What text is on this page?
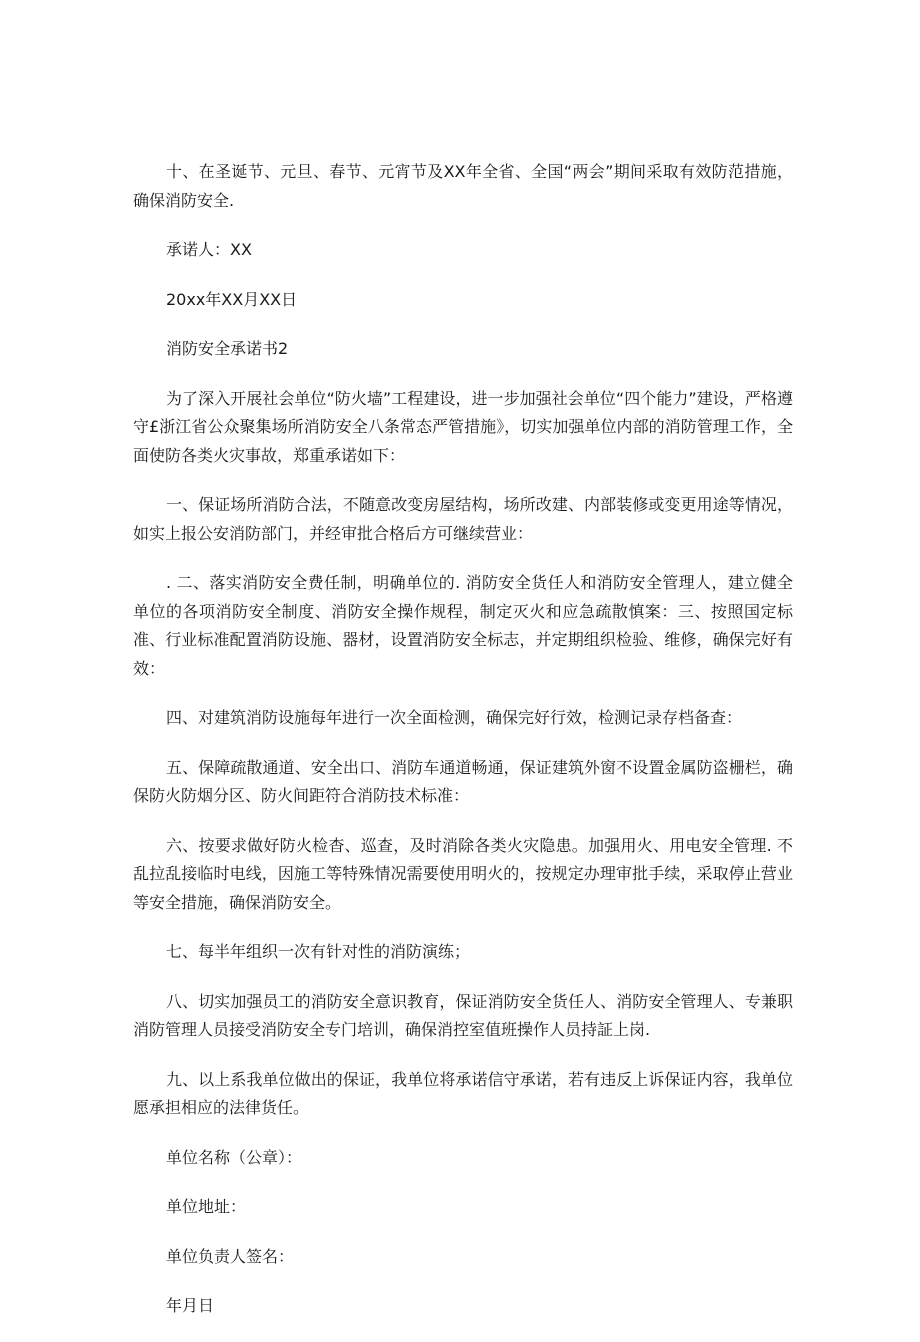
十、在圣诞节、元旦、春节、元宵节及XX年全省、全国“两会”期间采取有效防范措施，确保消防安全.

承诺人：XX

20xx年XX月XX日

消防安全承诺书2

为了深入开展社会单位“防火墙”工程建设，进一步加强社会单位“四个能力”建设，严格遵守£浙江省公众聚集场所消防安全八条常态严管措施》，切实加强单位内部的消防管理工作，全面使防各类火灾事故，郑重承诺如下：

一、保证场所消防合法，不随意改变房屋结构，场所改建、内部装修或变更用途等情况，如实上报公安消防部门，并经审批合格后方可继续营业：

. 二、落实消防安全费任制，明确单位的. 消防安全货任人和消防安全管理人，建立健全单位的各项消防安全制度、消防安全操作规程，制定灭火和应急疏散慎案：三、按照国定标准、行业标准配置消防设施、器材，设置消防安全标志，并定期组织检验、维修，确保完好有效：

四、对建筑消防设施每年进行一次全面检测，确保完好行效，检测记录存档备查：

五、保障疏散通道、安全出口、消防车通道畅通，保证建筑外窗不设置金属防盗栅栏，确保防火防烟分区、防火间距符合消防技术标准：

六、按要求做好防火检杳、巡查，及时消除各类火灾隐患。加强用火、用电安全管理. 不乱拉乱接临时电线，因施工等特殊情况需要使用明火的，按规定办理审批手续，采取停止营业等安全措施，确保消防安全。

七、每半年组织一次有针对性的消防演练；

八、切实加强员工的消防安全意识教育，保证消防安全货任人、消防安全管理人、专兼职消防管理人员接受消防安全专门培训，确保消控室值班操作人员持証上岗.

九、以上系我单位做出的保证，我单位将承诺信守承诺，若有违反上诉保证内容，我单位愿承担相应的法律货任。

单位名称（公章）：

单位地址：

单位负责人签名：

年月日
